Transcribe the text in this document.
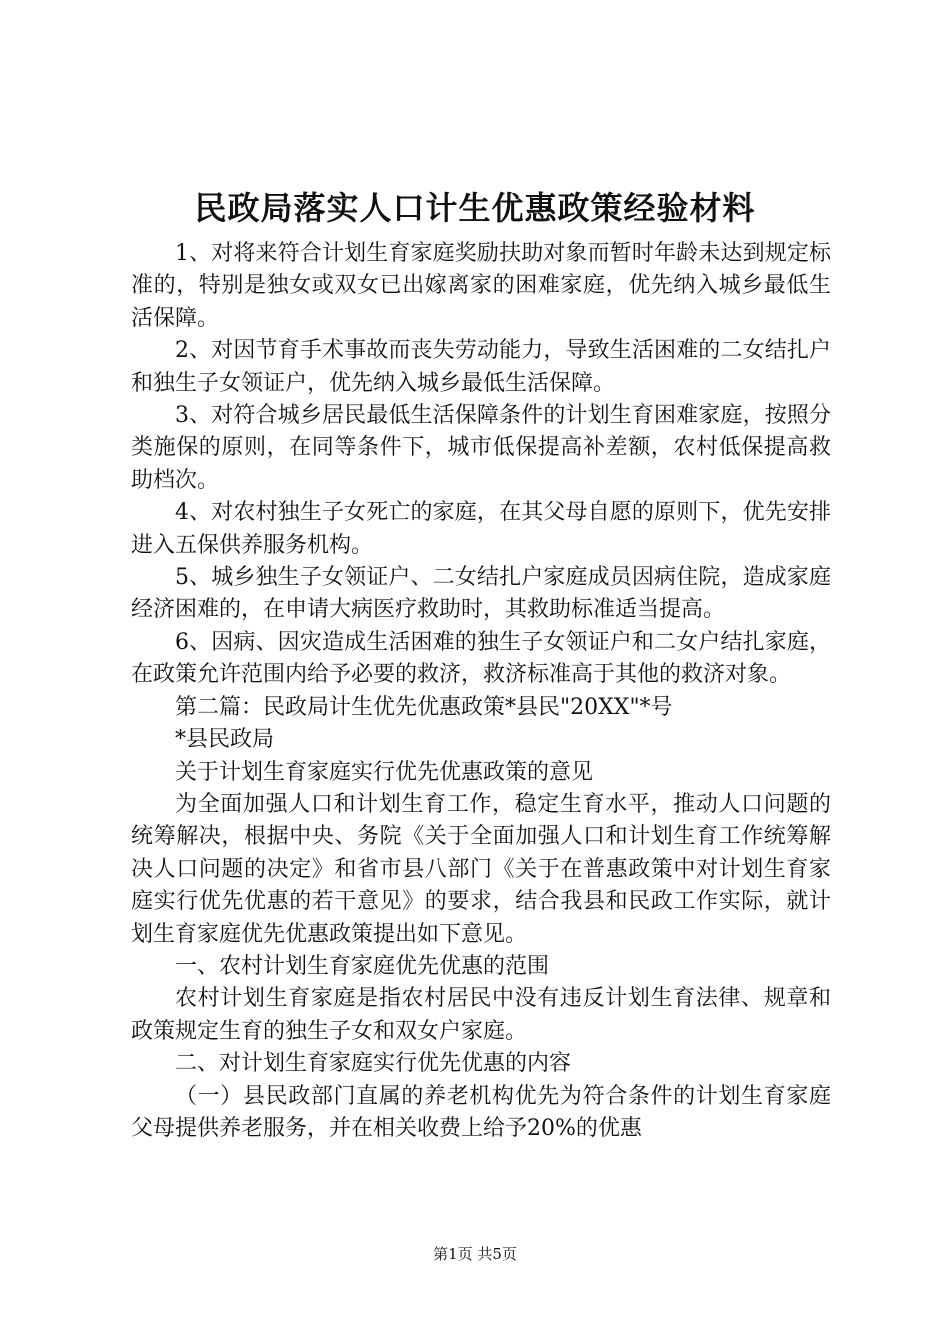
民政局落实人口计生优惠政策经验材料

1、对将来符合计划生育家庭奖励扶助对象而暂时年龄未达到规定标准的，特别是独女或双女已出嫁离家的困难家庭，优先纳入城乡最低生活保障。

2、对因节育手术事故而丧失劳动能力，导致生活困难的二女结扎户和独生子女领证户，优先纳入城乡最低生活保障。

3、对符合城乡居民最低生活保障条件的计划生育困难家庭，按照分类施保的原则，在同等条件下，城市低保提高补差额，农村低保提高救助档次。

4、对农村独生子女死亡的家庭，在其父母自愿的原则下，优先安排进入五保供养服务机构。

5、城乡独生子女领证户、二女结扎户家庭成员因病住院，造成家庭经济困难的，在申请大病医疗救助时，其救助标准适当提高。

6、因病、因灾造成生活困难的独生子女领证户和二女户结扎家庭，在政策允许范围内给予必要的救济，救济标准高于其他的救济对象。

第二篇：民政局计生优先优惠政策*县民"20XX"*号

*县民政局

关于计划生育家庭实行优先优惠政策的意见

为全面加强人口和计划生育工作，稳定生育水平，推动人口问题的统筹解决，根据中央、务院《关于全面加强人口和计划生育工作统筹解决人口问题的决定》和省市县八部门《关于在普惠政策中对计划生育家庭实行优先优惠的若干意见》的要求，结合我县和民政工作实际，就计划生育家庭优先优惠政策提出如下意见。

一、农村计划生育家庭优先优惠的范围

农村计划生育家庭是指农村居民中没有违反计划生育法律、规章和政策规定生育的独生子女和双女户家庭。

二、对计划生育家庭实行优先优惠的内容

（一）县民政部门直属的养老机构优先为符合条件的计划生育家庭父母提供养老服务，并在相关收费上给予20%的优惠

第1页 共5页
